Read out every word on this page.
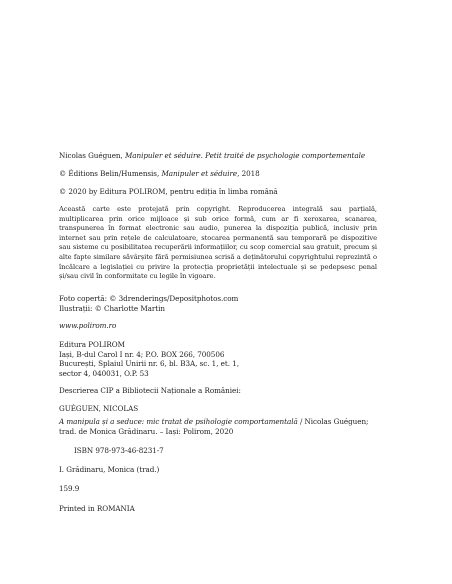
Nicolas Guéguen, Manipuler et séduire. Petit traité de psychologie comportementale
© Éditions Belin/Humensis, Manipuler et séduire, 2018
© 2020 by Editura POLIROM, pentru ediția în limba română
Această carte este protejată prin copyright. Reproducerea integrală sau parțială, multiplicarea prin orice mijloace și sub orice formă, cum ar fi xeroxarea, scanarea, transpunerea în format electronic sau audio, punerea la dispoziția publică, inclusiv prin internet sau prin rețele de calculatoare, stocarea permanentă sau temporară pe dispozitive sau sisteme cu posibilitatea recuperării informațiilor, cu scop comercial sau gratuit, precum și alte fapte similare săvârșite fără permisiunea scrisă a deținătorului copyrightului reprezintă o încălcare a legislației cu privire la protecția proprietății intelectuale și se pedepsesc penal și/sau civil în conformitate cu legile în vigoare.
Foto copertă: © 3drenderings/Depositphotos.com
Ilustrații: © Charlotte Martin
www.polirom.ro
Editura POLIROM
Iași, B-dul Carol I nr. 4; P.O. BOX 266, 700506
București, Splaiul Unirii nr. 6, bl. B3A, sc. 1, et. 1,
sector 4, 040031, O.P. 53
Descrierea CIP a Bibliotecii Naționale a României:
GUÉGUEN, NICOLAS
A manipula și a seduce: mic tratat de psihologie comportamentală / Nicolas Guéguen;
trad. de Monica Grădinaru. – Iași: Polirom, 2020
ISBN 978-973-46-8231-7
I. Grădinaru, Monica (trad.)
159.9
Printed in ROMANIA
